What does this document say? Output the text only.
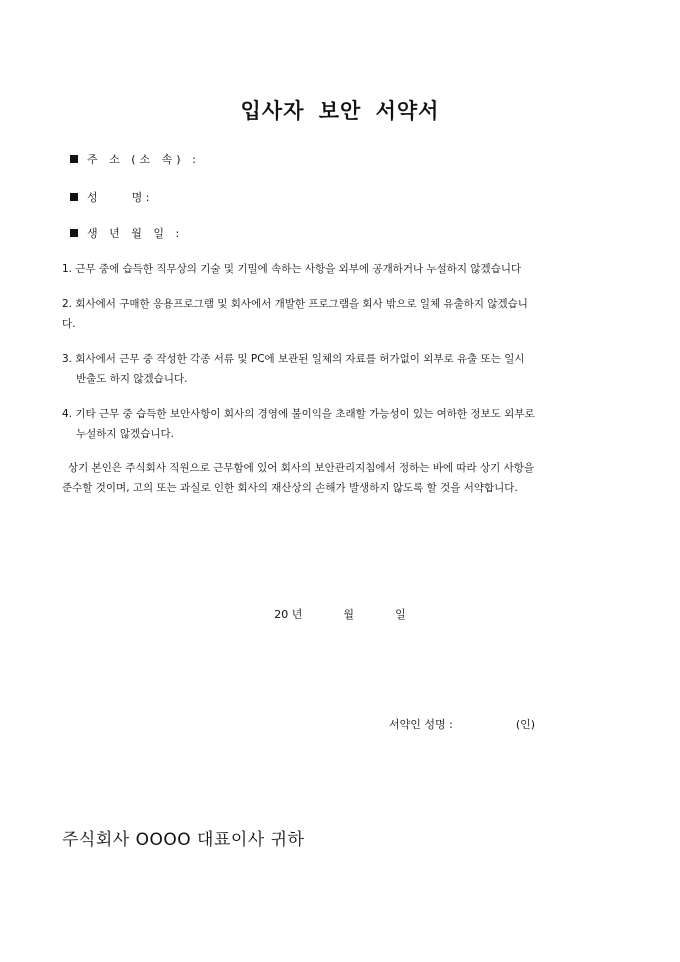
입사자 보안 서약서
주 소 (소 속) :
성	명 :
생 년 월 일 :
1. 근무 중에 습득한 직무상의 기술 및 기밀에 속하는 사항을 외부에 공개하거나 누설하지 않겠습니다
2. 회사에서 구매한 응용프로그램 및 회사에서 개발한 프로그램을 회사 밖으로 일체 유출하지 않겠습니
다.
3. 회사에서 근무 중 작성한 각종 서류 및 PC에 보관된 일체의 자료를 허가없이 외부로 유출 또는 일시
반출도 하지 않겠습니다.
4. 기타 근무 중 습득한 보안사항이 회사의 경영에 불이익을 초래할 가능성이 있는 여하한 정보도 외부로
누설하지 않겠습니다.
상기 본인은 주식회사 직원으로 근무함에 있어 회사의 보안관리지침에서 정하는 바에 따라 상기 사항을
준수할 것이며, 고의 또는 과실로 인한 회사의 재산상의 손해가 발생하지 않도록 할 것을 서약합니다.
20 년	월	일
서약인 성명 :	(인)
주식회사 OOOO 대표이사 귀하
